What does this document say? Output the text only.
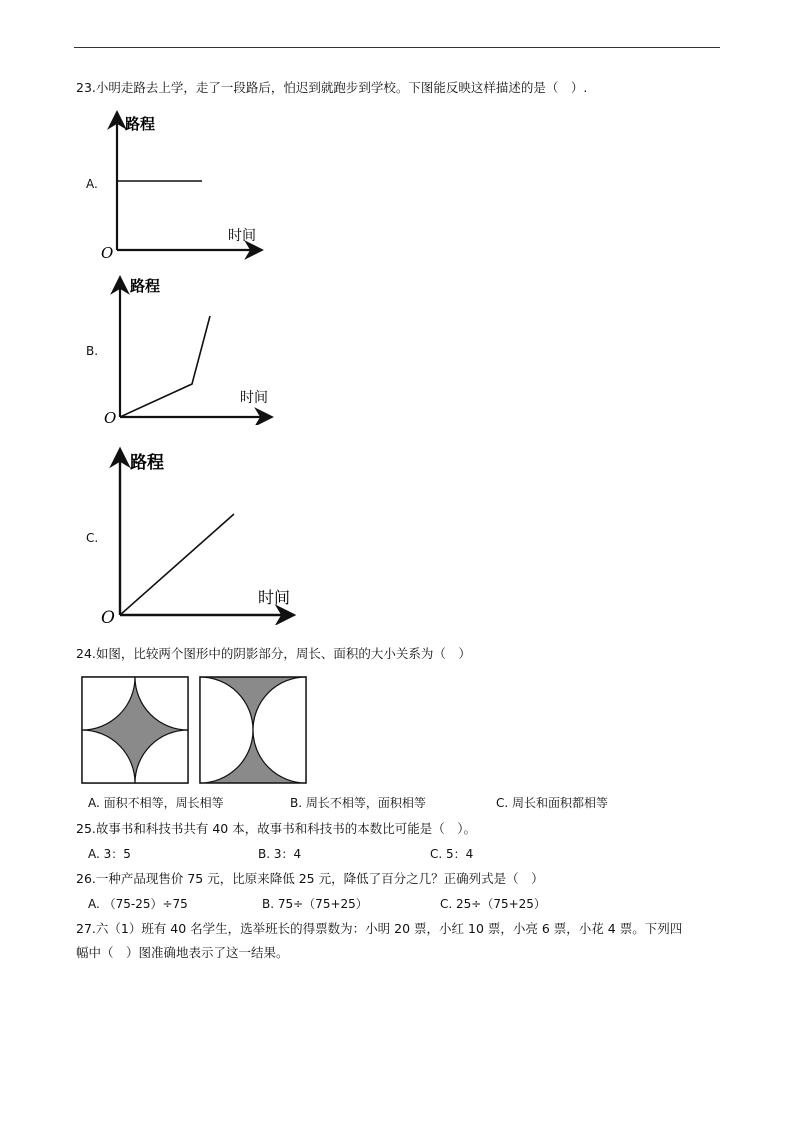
23.小明走路去上学，走了一段路后，怕迟到就跑步到学校。下图能反映这样描述的是（　）.
A.
路程
时间
O
B.
路程
时间
O
C.
路程
时间
O
24.如图，比较两个图形中的阴影部分，周长、面积的大小关系为（　）
A. 面积不相等，周长相等	B. 周长不相等，面积相等	C. 周长和面积都相等
25.故事书和科技书共有 40 本，故事书和科技书的本数比可能是（　）。
A. 3：5	B. 3：4	C. 5：4
26.一种产品现售价 75 元，比原来降低 25 元，降低了百分之几？正确列式是（　）
A. （75-25）÷75	B. 75÷（75+25）	C. 25÷（75+25）
27.六（1）班有 40 名学生，选举班长的得票数为：小明 20 票，小红 10 票，小亮 6 票，小花 4 票。下列四
幅中（　）图准确地表示了这一结果。
